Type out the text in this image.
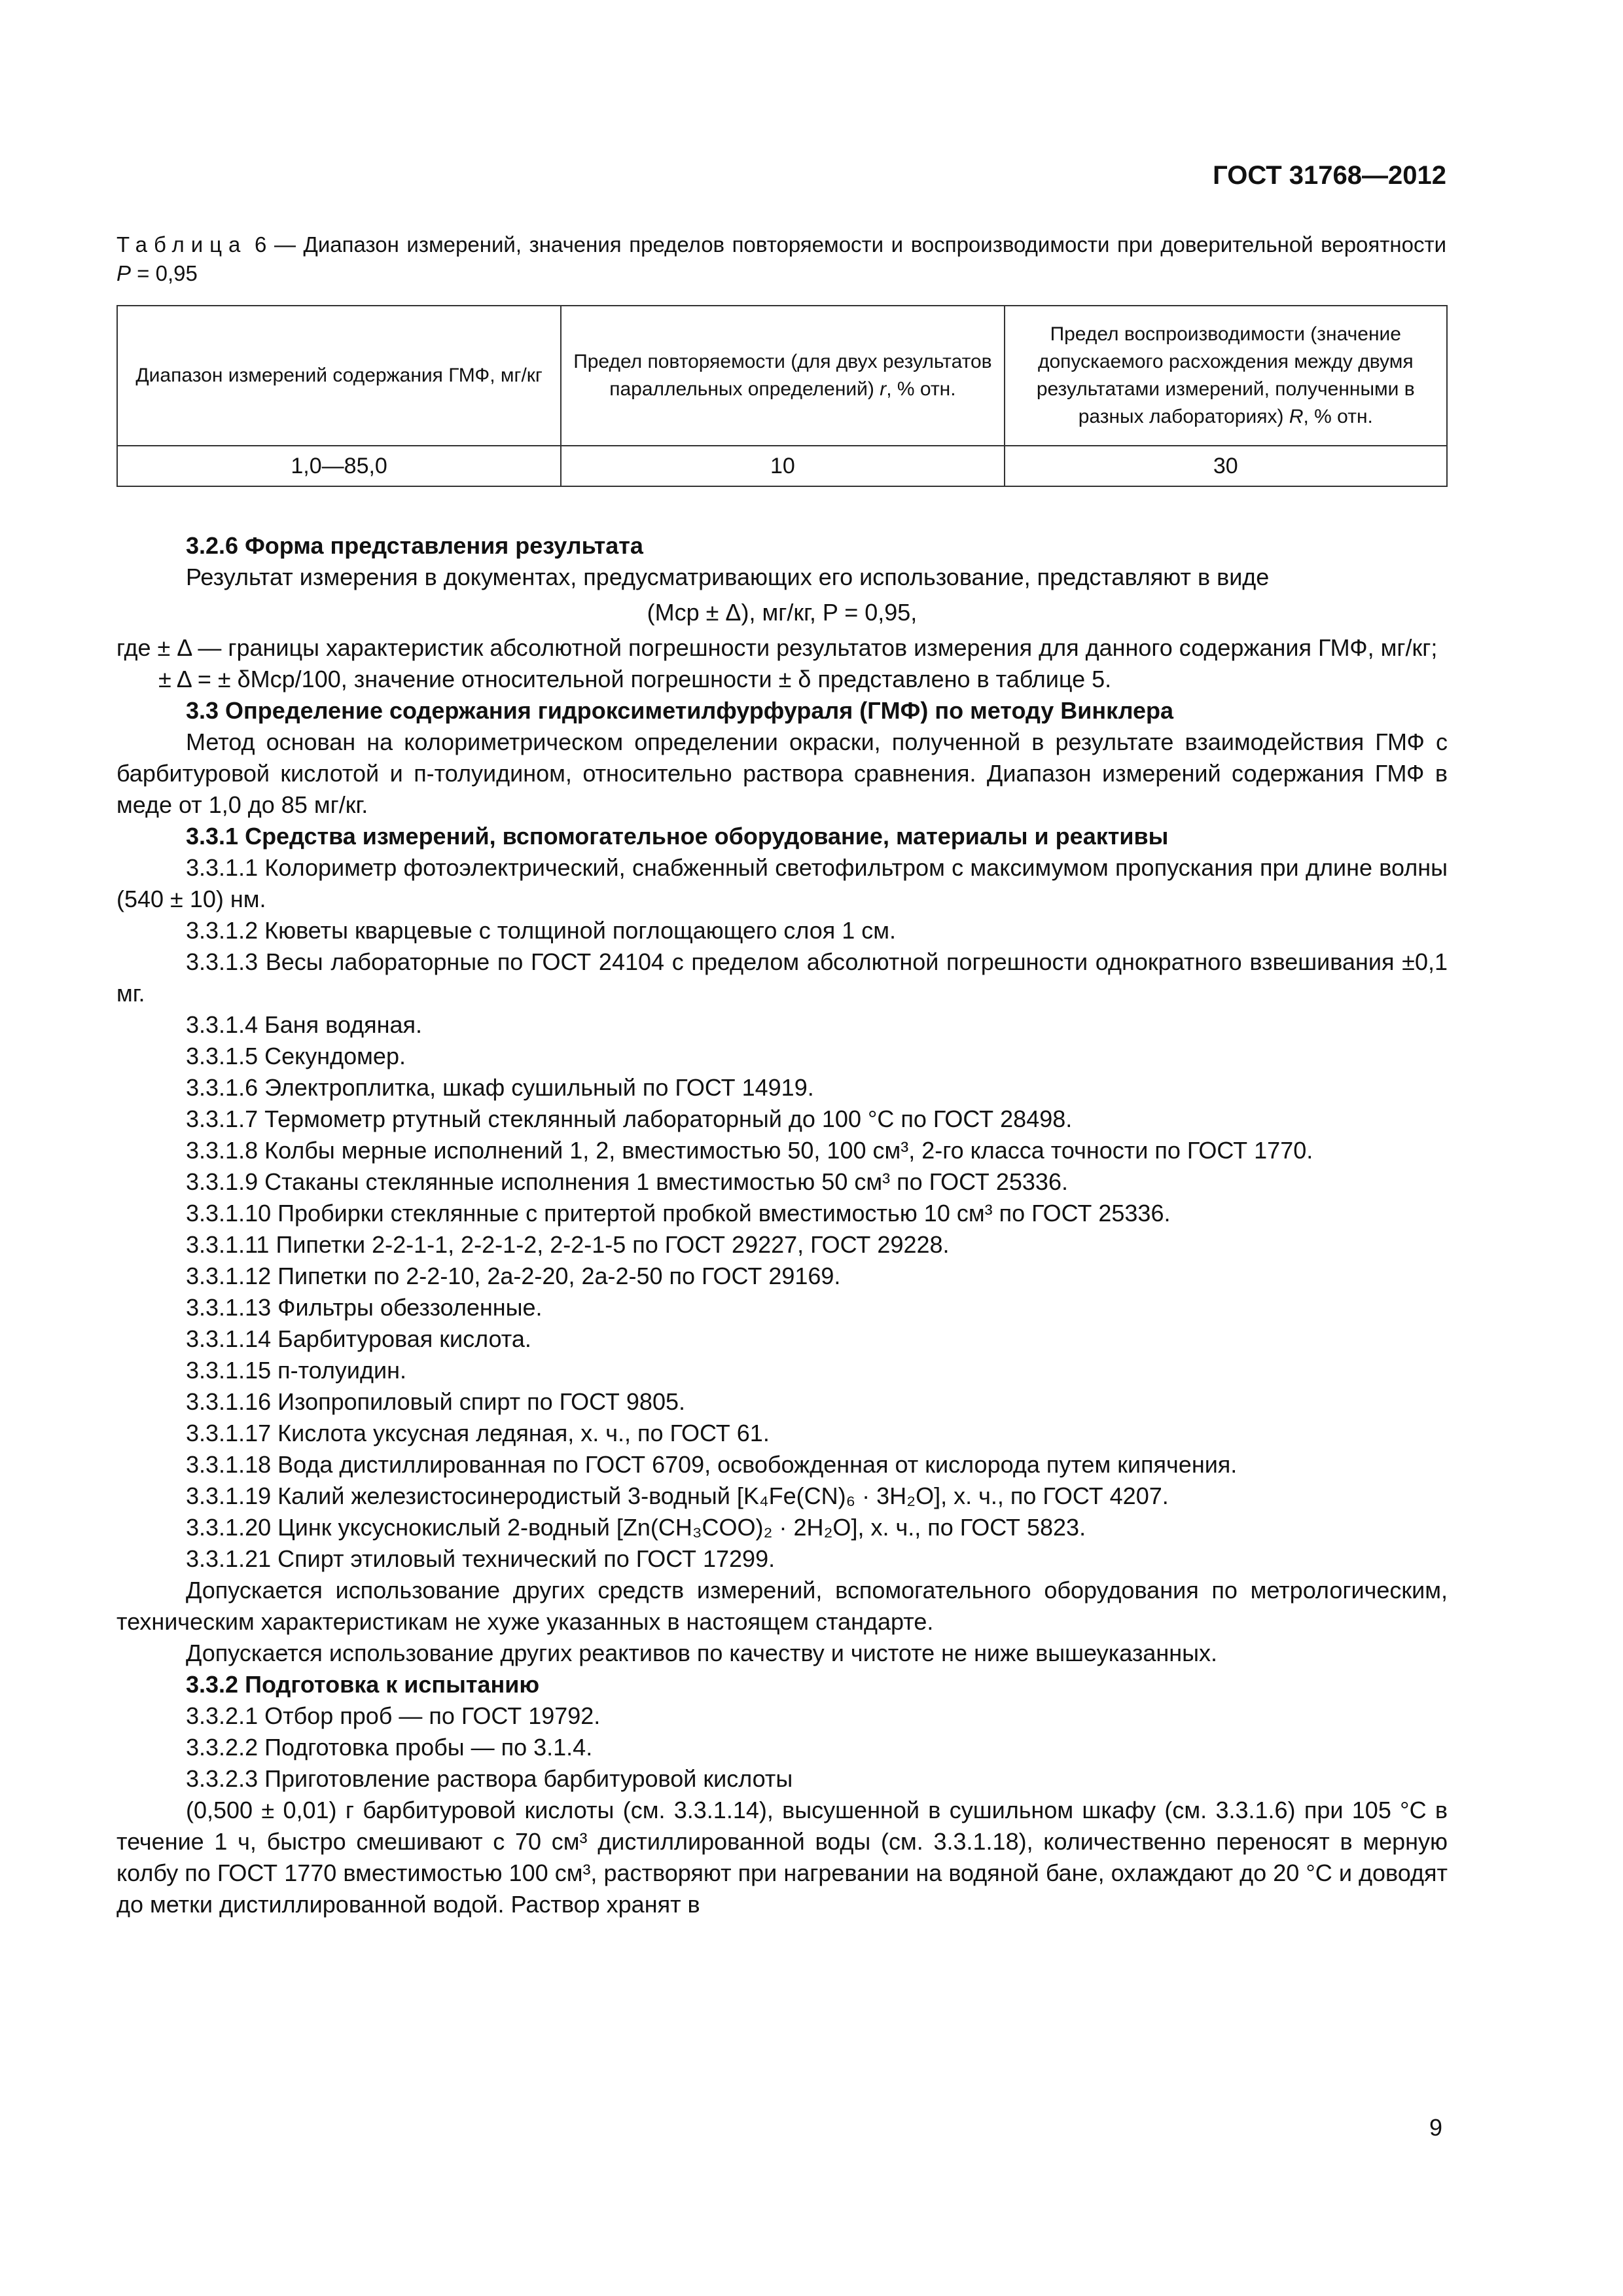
ГОСТ 31768—2012
Таблица 6 — Диапазон измерений, значения пределов повторяемости и воспроизводимости при доверительной вероятности P = 0,95
Диапазон измерений содержания ГМФ, мг/кг	Предел повторяемости (для двух результатов параллельных определений) r, % отн.	Предел воспроизводимости (значение допускаемого расхождения между двумя результатами измерений, полученными в разных лабораториях) R, % отн.
1,0—85,0	10	30

3.2.6 Форма представления результата

Результат измерения в документах, предусматривающих его использование, представляют в виде

(Mср ± Δ), мг/кг, P = 0,95,

где ± Δ — границы характеристик абсолютной погрешности результатов измерения для данного содержания ГМФ, мг/кг;

± Δ = ± δMср/100, значение относительной погрешности ± δ представлено в таблице 5.

3.3 Определение содержания гидроксиметилфурфураля (ГМФ) по методу Винклера

Метод основан на колориметрическом определении окраски, полученной в результате взаимодействия ГМФ с барбитуровой кислотой и п-толуидином, относительно раствора сравнения. Диапазон измерений содержания ГМФ в меде от 1,0 до 85 мг/кг.

3.3.1 Средства измерений, вспомогательное оборудование, материалы и реактивы

3.3.1.1 Колориметр фотоэлектрический, снабженный светофильтром с максимумом пропускания при длине волны (540 ± 10) нм.

3.3.1.2 Кюветы кварцевые с толщиной поглощающего слоя 1 см.

3.3.1.3 Весы лабораторные по ГОСТ 24104 с пределом абсолютной погрешности однократного взвешивания ±0,1 мг.

3.3.1.4 Баня водяная.

3.3.1.5 Секундомер.

3.3.1.6 Электроплитка, шкаф сушильный по ГОСТ 14919.

3.3.1.7 Термометр ртутный стеклянный лабораторный до 100 °С по ГОСТ 28498.

3.3.1.8 Колбы мерные исполнений 1, 2, вместимостью 50, 100 см³, 2-го класса точности по ГОСТ 1770.

3.3.1.9 Стаканы стеклянные исполнения 1 вместимостью 50 см³ по ГОСТ 25336.

3.3.1.10 Пробирки стеклянные с притертой пробкой вместимостью 10 см³ по ГОСТ 25336.

3.3.1.11 Пипетки 2-2-1-1, 2-2-1-2, 2-2-1-5 по ГОСТ 29227, ГОСТ 29228.

3.3.1.12 Пипетки по 2-2-10, 2а-2-20, 2а-2-50 по ГОСТ 29169.

3.3.1.13 Фильтры обеззоленные.

3.3.1.14 Барбитуровая кислота.

3.3.1.15 п-толуидин.

3.3.1.16 Изопропиловый спирт по ГОСТ 9805.

3.3.1.17 Кислота уксусная ледяная, х. ч., по ГОСТ 61.

3.3.1.18 Вода дистиллированная по ГОСТ 6709, освобожденная от кислорода путем кипячения.

3.3.1.19 Калий железистосинеродистый 3-водный [K₄Fe(CN)₆ · 3H₂O], х. ч., по ГОСТ 4207.

3.3.1.20 Цинк уксуснокислый 2-водный [Zn(CH₃COO)₂ · 2H₂O], х. ч., по ГОСТ 5823.

3.3.1.21 Спирт этиловый технический по ГОСТ 17299.

Допускается использование других средств измерений, вспомогательного оборудования по метрологическим, техническим характеристикам не хуже указанных в настоящем стандарте.

Допускается использование других реактивов по качеству и чистоте не ниже вышеуказанных.

3.3.2 Подготовка к испытанию

3.3.2.1 Отбор проб — по ГОСТ 19792.

3.3.2.2 Подготовка пробы — по 3.1.4.

3.3.2.3 Приготовление раствора барбитуровой кислоты

(0,500 ± 0,01) г барбитуровой кислоты (см. 3.3.1.14), высушенной в сушильном шкафу (см. 3.3.1.6) при 105 °С в течение 1 ч, быстро смешивают с 70 см³ дистиллированной воды (см. 3.3.1.18), количественно переносят в мерную колбу по ГОСТ 1770 вместимостью 100 см³, растворяют при нагревании на водяной бане, охлаждают до 20 °С и доводят до метки дистиллированной водой. Раствор хранят в

9
